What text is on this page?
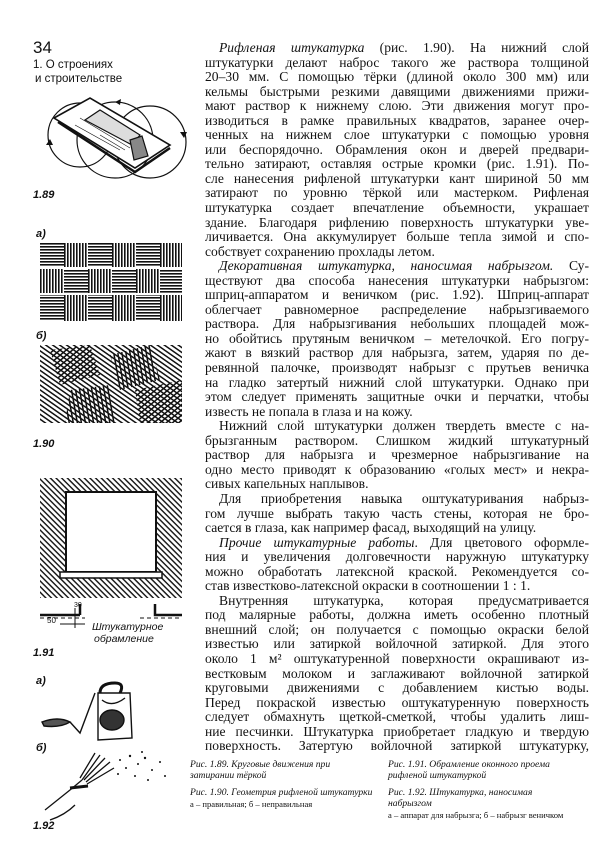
34
1. О строениях
и строительстве
1.89
а)
б)
1.90
50
30
Штукатурное
обрамление
1.91
а)
б)
1.92
Рифленая штукатурка (рис. 1.90). На нижний слой
штукатурки делают наброс такого же раствора толщиной
20–30 мм. С помощью тёрки (длиной около 300 мм) или
кельмы быстрыми резкими давящими движениями прижи-
мают раствор к нижнему слою. Эти движения могут про-
изводиться в рамке правильных квадратов, заранее очер-
ченных на нижнем слое штукатурки с помощью уровня
или беспорядочно. Обрамления окон и дверей предвари-
тельно затирают, оставляя острые кромки (рис. 1.91). По-
сле нанесения рифленой штукатурки кант шириной 50 мм
затирают по уровню тёркой или мастерком. Рифленая
штукатурка создает впечатление объемности, украшает
здание. Благодаря рифлению поверхность штукатурки уве-
личивается. Она аккумулирует больше тепла зимой и спо-
собствует сохранению прохлады летом.
Декоративная штукатурка, наносимая набрызгом. Су-
ществуют два способа нанесения штукатурки набрызгом:
шприц-аппаратом и веничком (рис. 1.92). Шприц-аппарат
облегчает равномерное распределение набрызгиваемого
раствора. Для набрызгивания небольших площадей мож-
но обойтись прутяным веничком – метелочкой. Его погру-
жают в вязкий раствор для набрызга, затем, ударяя по де-
ревянной палочке, производят набрызг с прутьев веничка
на гладко затертый нижний слой штукатурки. Однако при
этом следует применять защитные очки и перчатки, чтобы
известь не попала в глаза и на кожу.
Нижний слой штукатурки должен твердеть вместе с на-
брызганным раствором. Слишком жидкий штукатурный
раствор для набрызга и чрезмерное набрызгивание на
одно место приводят к образованию «голых мест» и некра-
сивых капельных наплывов.
Для приобретения навыка оштукатуривания набрыз-
гом лучше выбрать такую часть стены, которая не бро-
сается в глаза, как например фасад, выходящий на улицу.
Прочие штукатурные работы. Для цветового оформле-
ния и увеличения долговечности наружную штукатурку
можно обработать латексной краской. Рекомендуется со-
став известково-латексной окраски в соотношении 1 : 1.
Внутренняя штукатурка, которая предусматривается
под малярные работы, должна иметь особенно плотный
внешний слой; он получается с помощью окраски белой
известью или затиркой войлочной затиркой. Для этого
около 1 м² оштукатуренной поверхности окрашивают из-
вестковым молоком и заглаживают войлочной затиркой
круговыми движениями с добавлением кистью воды.
Перед покраской известью оштукатуренную поверхность
следует обмахнуть щеткой-сметкой, чтобы удалить лиш-
ние песчинки. Штукатурка приобретает гладкую и твердую
поверхность. Затертую войлочной затиркой штукатурку,
Рис. 1.89. Круговые движения при затирании тёркой
Рис. 1.90. Геометрия рифленой штукатурки
а – правильная; б – неправильная
Рис. 1.91. Обрамление оконного проема рифленой штукатуркой
Рис. 1.92. Штукатурка, наносимая набрызгом
а – аппарат для набрызга; б – набрызг веничком
